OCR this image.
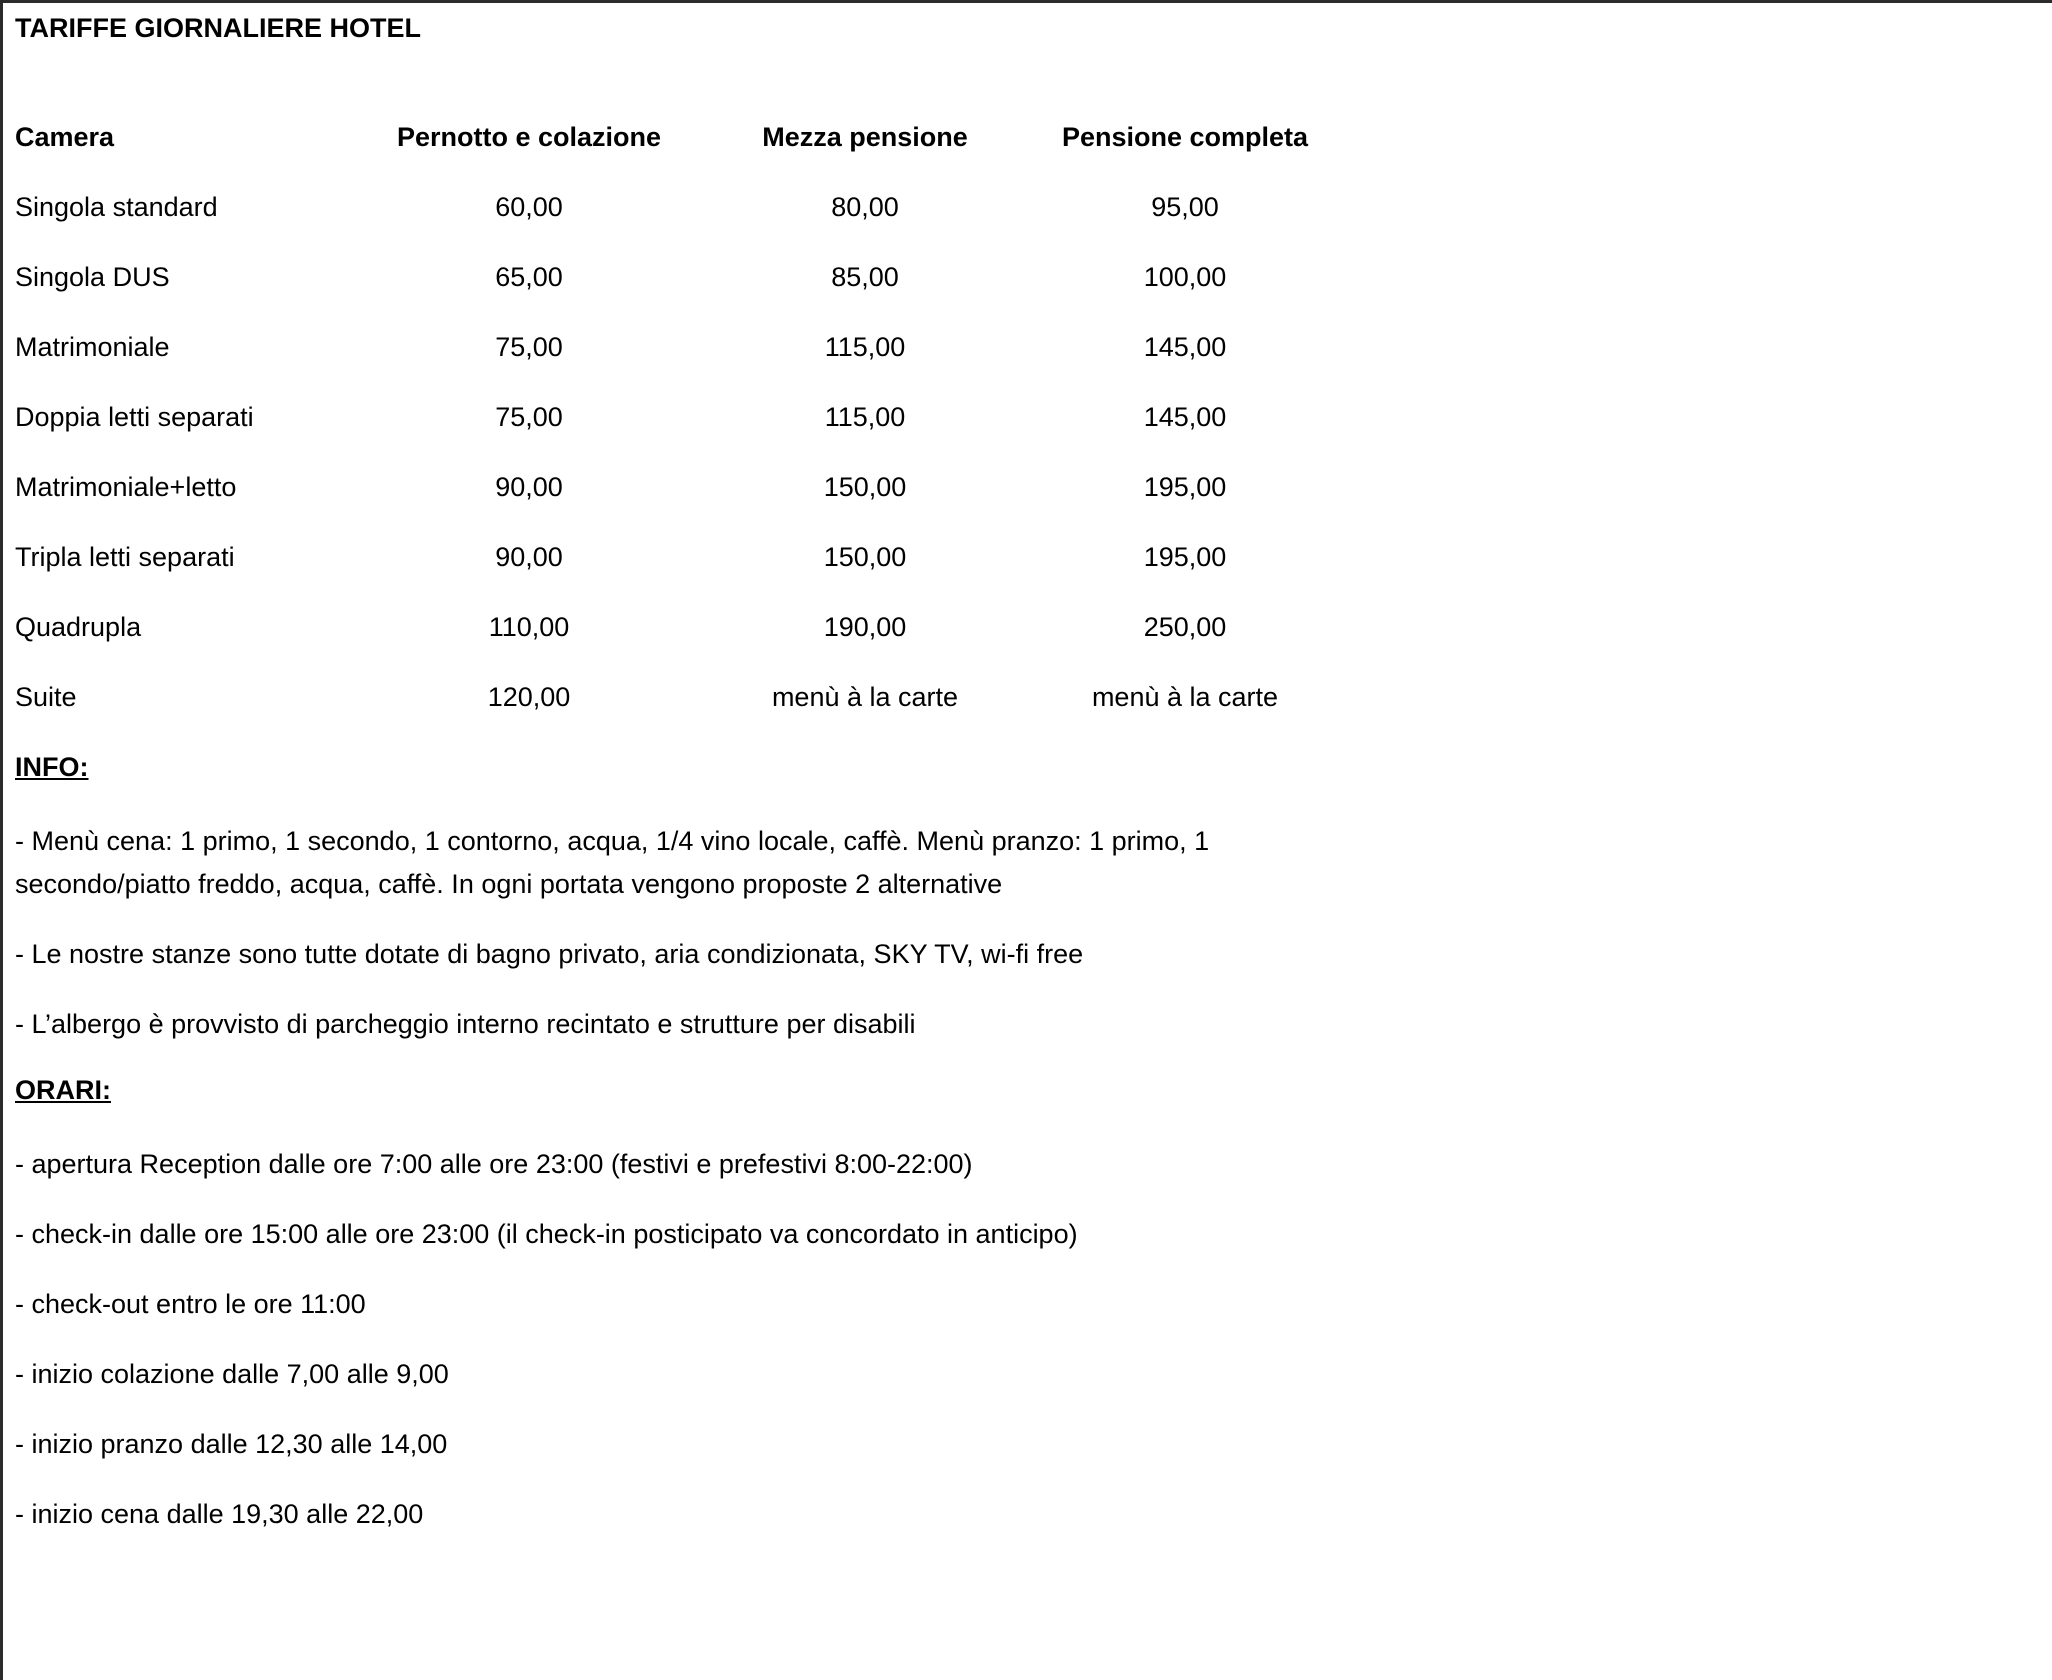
TARIFFE GIORNALIERE HOTEL
Camera	Pernotto e colazione	Mezza pensione	Pensione completa
Singola standard	60,00	80,00	95,00
Singola DUS	65,00	85,00	100,00
Matrimoniale	75,00	115,00	145,00
Doppia letti separati	75,00	115,00	145,00
Matrimoniale+letto	90,00	150,00	195,00
Tripla letti separati	90,00	150,00	195,00
Quadrupla	110,00	190,00	250,00
Suite	120,00	menù à la carte	menù à la carte
INFO:

- Menù cena: 1 primo, 1 secondo, 1 contorno, acqua, 1/4 vino locale, caffè. Menù pranzo: 1 primo, 1 secondo/piatto freddo, acqua, caffè. In ogni portata vengono proposte 2 alternative

- Le nostre stanze sono tutte dotate di bagno privato, aria condizionata, SKY TV, wi-fi free

- L’albergo è provvisto di parcheggio interno recintato e strutture per disabili

ORARI:

- apertura Reception dalle ore 7:00 alle ore 23:00 (festivi e prefestivi 8:00-22:00)

- check-in dalle ore 15:00 alle ore 23:00 (il check-in posticipato va concordato in anticipo)

- check-out entro le ore 11:00

- inizio colazione dalle 7,00 alle 9,00

- inizio pranzo dalle 12,30 alle 14,00

- inizio cena dalle 19,30 alle 22,00
